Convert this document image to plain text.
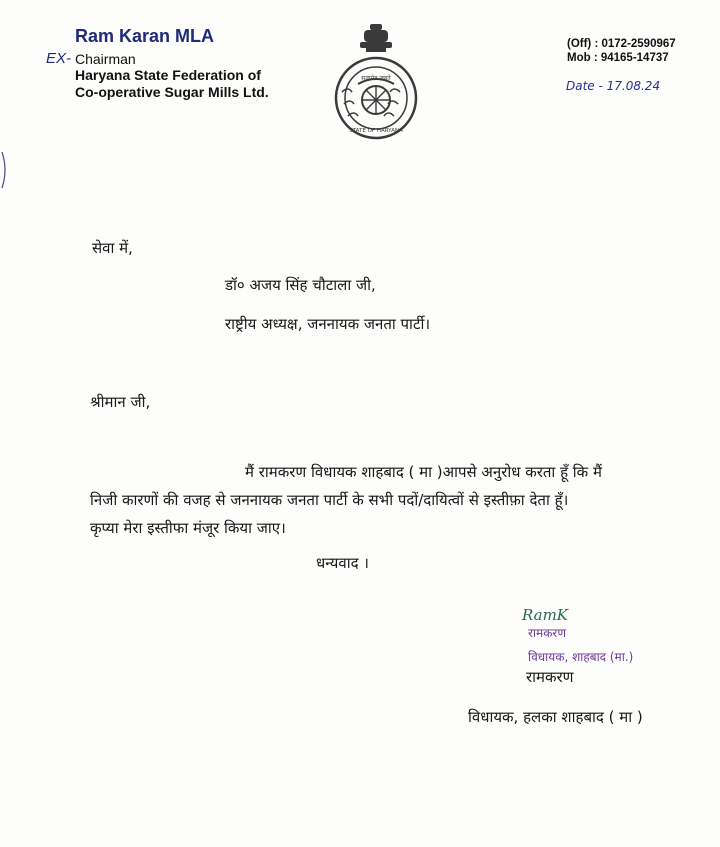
Ram Karan MLA
EX- Chairman
Haryana State Federation of
Co-operative Sugar Mills Ltd.
सत्यमेव जयते
STATE OF HARYANA
(Off) : 0172-2590967
Mob : 94165-14737
Date - 17.08.24
सेवा में,
डॉ० अजय सिंह चौटाला जी,
राष्ट्रीय अध्यक्ष, जननायक जनता पार्टी।
श्रीमान जी,
मैं रामकरण विधायक शाहबाद ( मा )आपसे अनुरोध करता हूँ कि मैं
निजी कारणों की वजह से जननायक जनता पार्टी के सभी पदों/दायित्वों से इस्तीफ़ा देता हूँ।
कृप्या मेरा इस्तीफा मंजूर किया जाए।
धन्यवाद ।
RamK
रामकरण
विधायक, शाहबाद (मा.)
रामकरण
विधायक, हलका शाहबाद ( मा )
